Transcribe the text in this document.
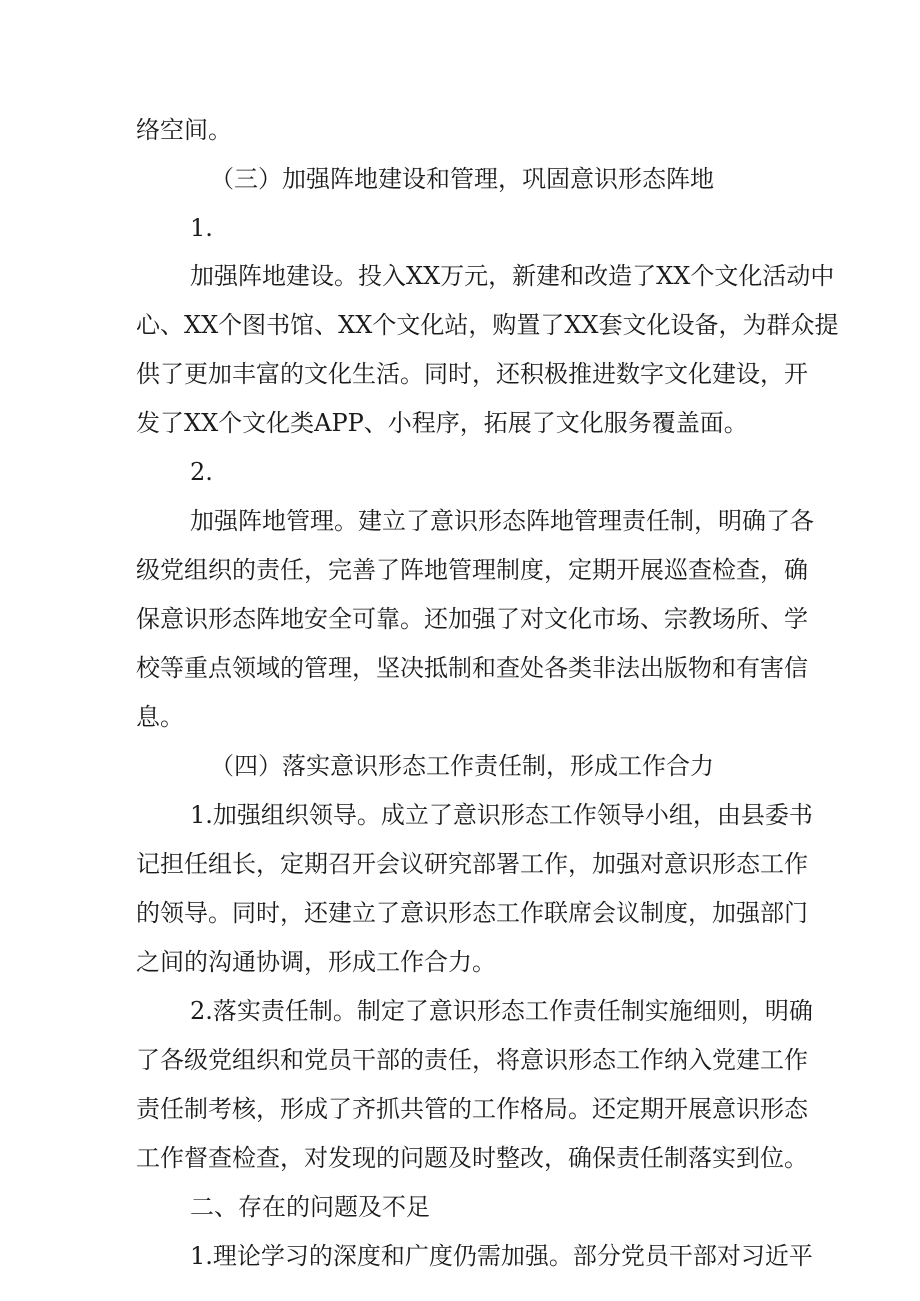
络空间。
（三）加强阵地建设和管理，巩固意识形态阵地
1.
加强阵地建设。投入XX万元，新建和改造了XX个文化活动中
心、XX个图书馆、XX个文化站，购置了XX套文化设备，为群众提
供了更加丰富的文化生活。同时，还积极推进数字文化建设，开
发了XX个文化类APP、小程序，拓展了文化服务覆盖面。
2.
加强阵地管理。建立了意识形态阵地管理责任制，明确了各
级党组织的责任，完善了阵地管理制度，定期开展巡查检查，确
保意识形态阵地安全可靠。还加强了对文化市场、宗教场所、学
校等重点领域的管理，坚决抵制和查处各类非法出版物和有害信
息。
（四）落实意识形态工作责任制，形成工作合力
1.加强组织领导。成立了意识形态工作领导小组，由县委书
记担任组长，定期召开会议研究部署工作，加强对意识形态工作
的领导。同时，还建立了意识形态工作联席会议制度，加强部门
之间的沟通协调，形成工作合力。
2.落实责任制。制定了意识形态工作责任制实施细则，明确
了各级党组织和党员干部的责任，将意识形态工作纳入党建工作
责任制考核，形成了齐抓共管的工作格局。还定期开展意识形态
工作督查检查，对发现的问题及时整改，确保责任制落实到位。
二、存在的问题及不足
1.理论学习的深度和广度仍需加强。部分党员干部对习近平
